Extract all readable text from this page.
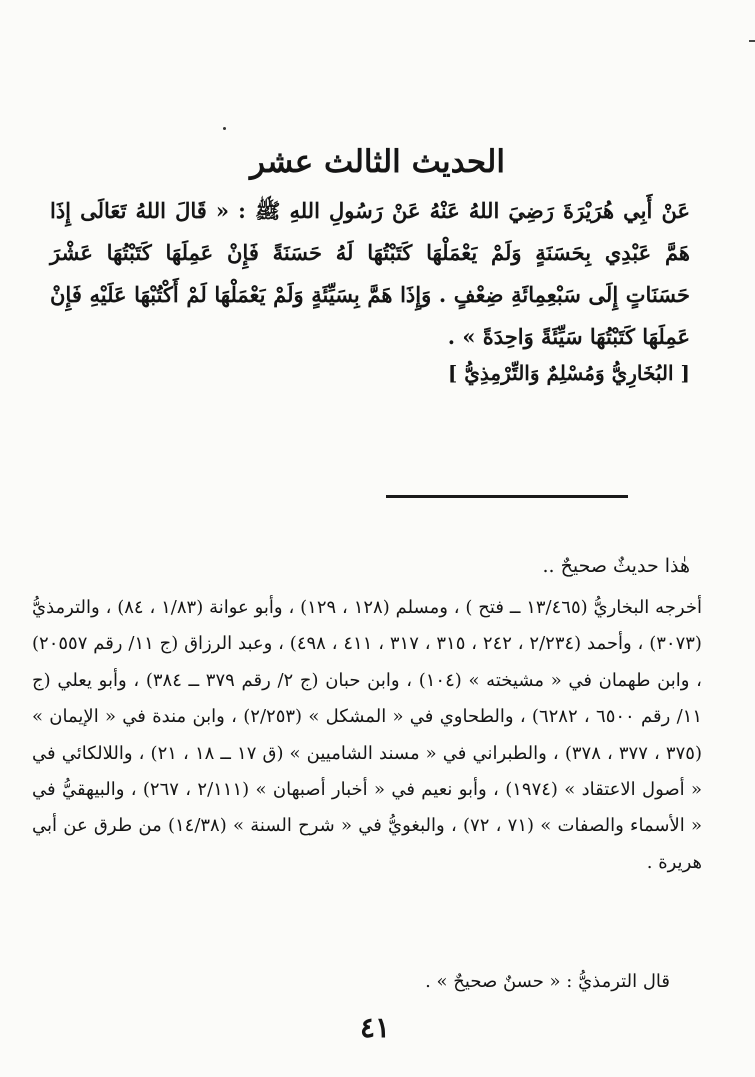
الحديث الثالث عشر

عَنْ أَبِي هُرَيْرَةَ رَضِيَ اللهُ عَنْهُ عَنْ رَسُولِ اللهِ ﷺ : « قَالَ اللهُ تَعَالَى إِذَا هَمَّ عَبْدِي بِحَسَنَةٍ وَلَمْ يَعْمَلْهَا كَتَبْتُهَا لَهُ حَسَنَةً فَإِنْ عَمِلَهَا كَتَبْتُهَا عَشْرَ حَسَنَاتٍ إِلَى سَبْعِمِائَةِ ضِعْفٍ . وَإِذَا هَمَّ بِسَيِّئَةٍ وَلَمْ يَعْمَلْهَا لَمْ أَكْتُبْهَا عَلَيْهِ فَإِنْ عَمِلَهَا كَتَبْتُهَا سَيِّئَةً وَاحِدَةً » .

[ البُخَارِيُّ وَمُسْلِمٌ وَالتِّرْمِذِيُّ ]
هٰذا حديثٌ صحيحٌ ..

أخرجه البخاريُّ (١٣/٤٦٥ ــ فتح ) ، ومسلم (١٢٨ ، ١٢٩) ، وأبو عوانة (١/٨٣ ، ٨٤) ، والترمذيُّ (٣٠٧٣) ، وأحمد (٢/٢٣٤ ، ٢٤٢ ، ٣١٥ ، ٣١٧ ، ٤١١ ، ٤٩٨) ، وعبد الرزاق (ج ١١/ رقم ٢٠٥٥٧) ، وابن طهمان في « مشيخته » (١٠٤) ، وابن حبان (ج ٢/ رقم ٣٧٩ ــ ٣٨٤) ، وأبو يعلي (ج ١١/ رقم ٦٥٠٠ ، ٦٢٨٢) ، والطحاوي في « المشكل » (٢/٢٥٣) ، وابن مندة في « الإيمان » (٣٧٥ ، ٣٧٧ ، ٣٧٨) ، والطبراني في « مسند الشاميين » (ق ١٧ ــ ١٨ ، ٢١) ، واللالكائي في « أصول الاعتقاد » (١٩٧٤) ، وأبو نعيم في « أخبار أصبهان » (٢/١١١ ، ٢٦٧) ، والبيهقيُّ في « الأسماء والصفات » (٧١ ، ٧٢) ، والبغويُّ في « شرح السنة » (١٤/٣٨) من طرق عن أبي هريرة .

قال الترمذيُّ : « حسنٌ صحيحٌ » .
٤١
